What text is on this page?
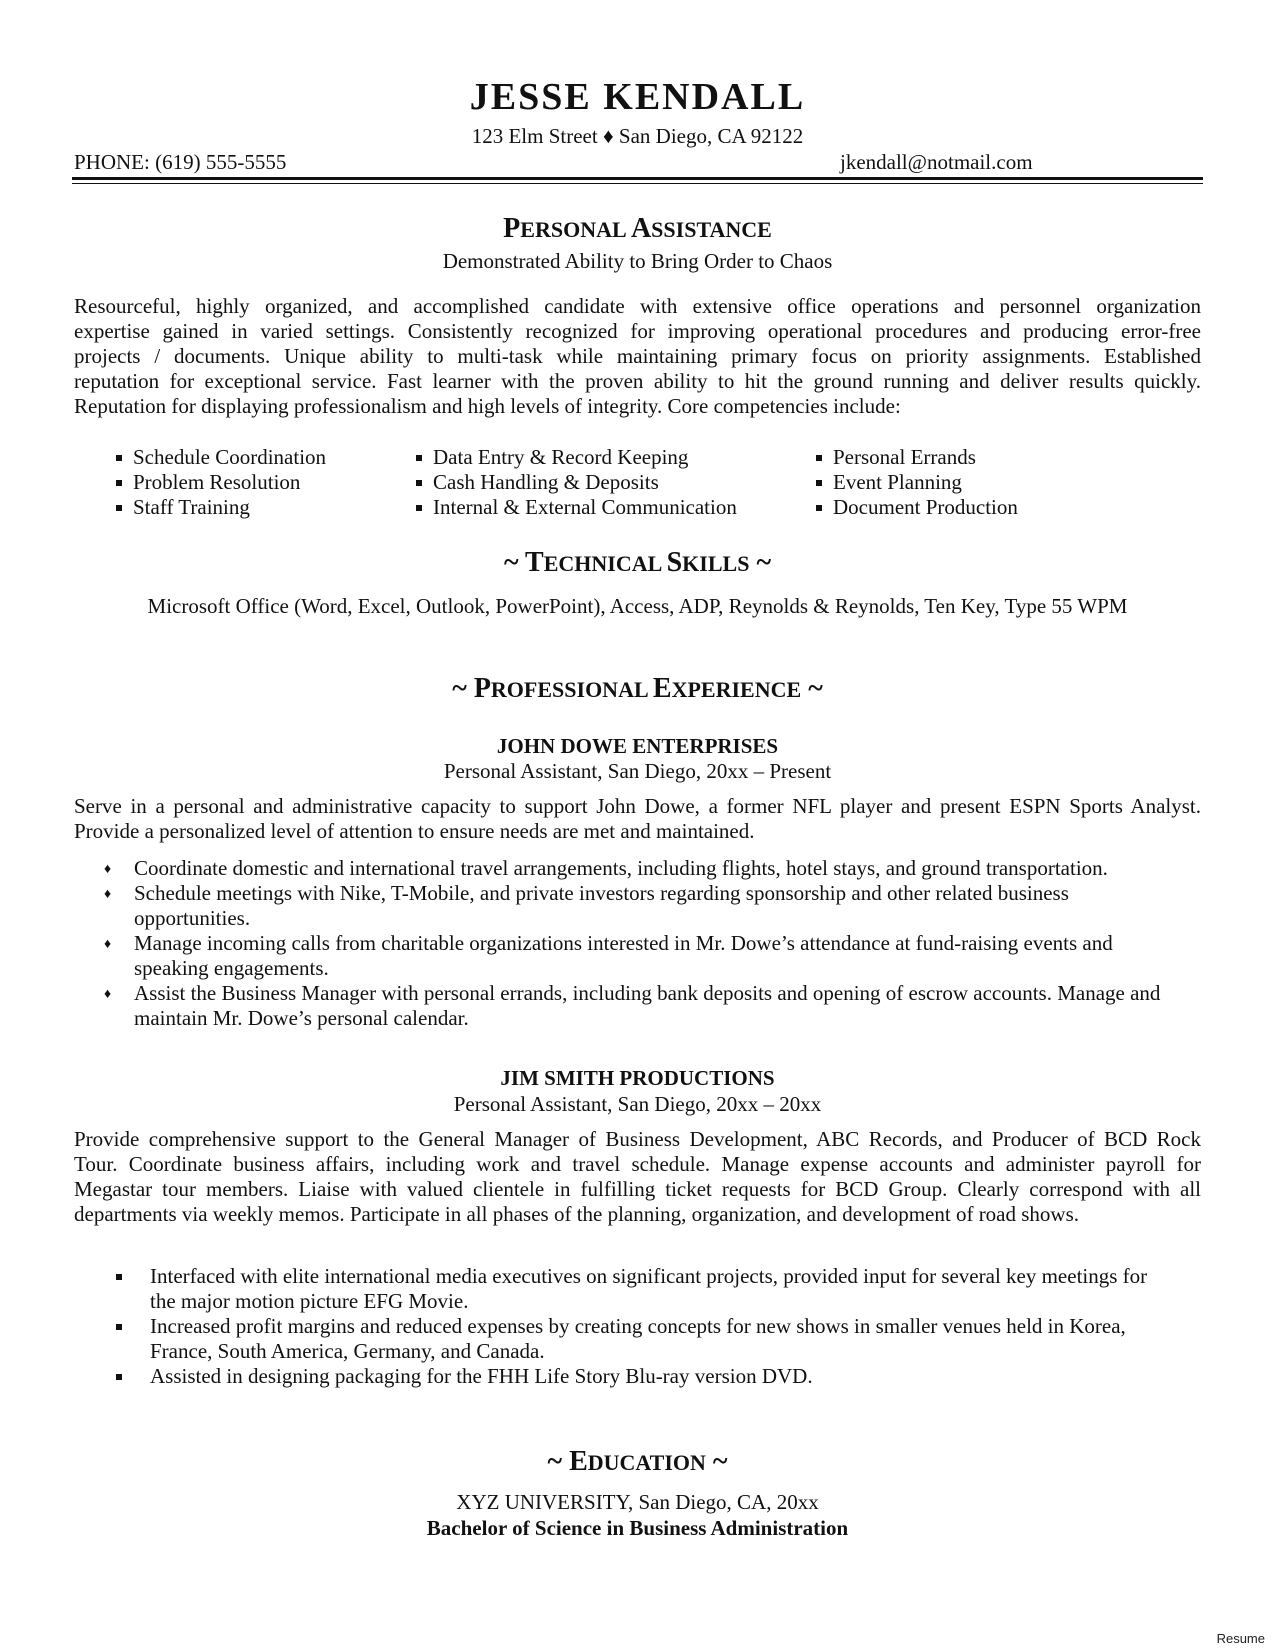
JESSE KENDALL
123 Elm Street ♦ San Diego, CA 92122
PHONE: (619) 555-5555	jkendall@notmail.com
PERSONAL ASSISTANCE
Demonstrated Ability to Bring Order to Chaos
Resourceful, highly organized, and accomplished candidate with extensive office operations and personnel organization
expertise gained in varied settings. Consistently recognized for improving operational procedures and producing error-free
projects / documents. Unique ability to multi-task while maintaining primary focus on priority assignments. Established
reputation for exceptional service. Fast learner with the proven ability to hit the ground running and deliver results quickly.
Reputation for displaying professionalism and high levels of integrity. Core competencies include:
Schedule Coordination
Problem Resolution
Staff Training
Data Entry & Record Keeping
Cash Handling & Deposits
Internal & External Communication
Personal Errands
Event Planning
Document Production
~ TECHNICAL SKILLS ~
Microsoft Office (Word, Excel, Outlook, PowerPoint), Access, ADP, Reynolds & Reynolds, Ten Key, Type 55 WPM
~ PROFESSIONAL EXPERIENCE ~
JOHN DOWE ENTERPRISES
Personal Assistant, San Diego, 20xx – Present
Serve in a personal and administrative capacity to support John Dowe, a former NFL player and present ESPN Sports Analyst.
Provide a personalized level of attention to ensure needs are met and maintained.
♦ Coordinate domestic and international travel arrangements, including flights, hotel stays, and ground transportation.
♦ Schedule meetings with Nike, T-Mobile, and private investors regarding sponsorship and other related business
opportunities.
♦ Manage incoming calls from charitable organizations interested in Mr. Dowe’s attendance at fund-raising events and
speaking engagements.
♦ Assist the Business Manager with personal errands, including bank deposits and opening of escrow accounts. Manage and
maintain Mr. Dowe’s personal calendar.
JIM SMITH PRODUCTIONS
Personal Assistant, San Diego, 20xx – 20xx
Provide comprehensive support to the General Manager of Business Development, ABC Records, and Producer of BCD Rock
Tour. Coordinate business affairs, including work and travel schedule. Manage expense accounts and administer payroll for
Megastar tour members. Liaise with valued clientele in fulfilling ticket requests for BCD Group. Clearly correspond with all
departments via weekly memos. Participate in all phases of the planning, organization, and development of road shows.
Interfaced with elite international media executives on significant projects, provided input for several key meetings for
the major motion picture EFG Movie.
Increased profit margins and reduced expenses by creating concepts for new shows in smaller venues held in Korea,
France, South America, Germany, and Canada.
Assisted in designing packaging for the FHH Life Story Blu-ray version DVD.
~ EDUCATION ~
XYZ UNIVERSITY, San Diego, CA, 20xx
Bachelor of Science in Business Administration
Resume
